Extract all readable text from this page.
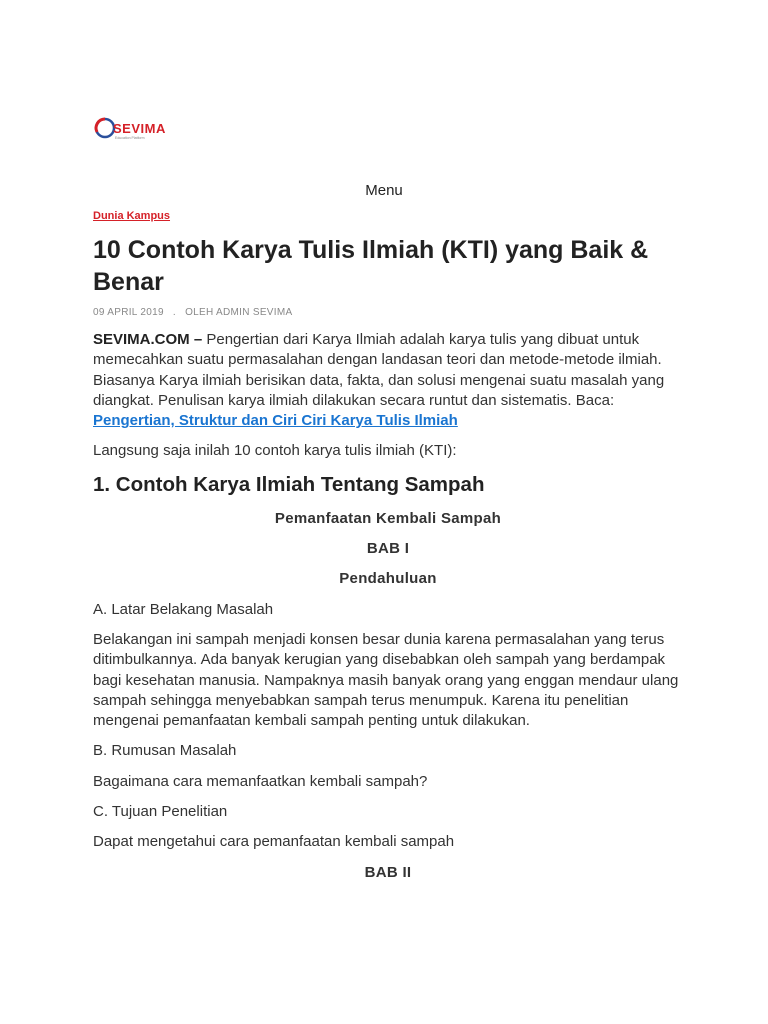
SEVIMA
Education Platform
Menu
Dunia Kampus
10 Contoh Karya Tulis Ilmiah (KTI) yang Baik & Benar
09 APRIL 2019 . OLEH ADMIN SEVIMA

SEVIMA.COM – Pengertian dari Karya Ilmiah adalah karya tulis yang dibuat untuk memecahkan suatu permasalahan dengan landasan teori dan metode-metode ilmiah. Biasanya Karya ilmiah berisikan data, fakta, dan solusi mengenai suatu masalah yang diangkat. Penulisan karya ilmiah dilakukan secara runtut dan sistematis. Baca: Pengertian, Struktur dan Ciri Ciri Karya Tulis Ilmiah

Langsung saja inilah 10 contoh karya tulis ilmiah (KTI):

1. Contoh Karya Ilmiah Tentang Sampah

Pemanfaatan Kembali Sampah

BAB I

Pendahuluan

A. Latar Belakang Masalah

Belakangan ini sampah menjadi konsen besar dunia karena permasalahan yang terus ditimbulkannya. Ada banyak kerugian yang disebabkan oleh sampah yang berdampak bagi kesehatan manusia. Nampaknya masih banyak orang yang enggan mendaur ulang sampah sehingga menyebabkan sampah terus menumpuk. Karena itu penelitian mengenai pemanfaatan kembali sampah penting untuk dilakukan.

B. Rumusan Masalah

Bagaimana cara memanfaatkan kembali sampah?

C. Tujuan Penelitian

Dapat mengetahui cara pemanfaatan kembali sampah

BAB II
